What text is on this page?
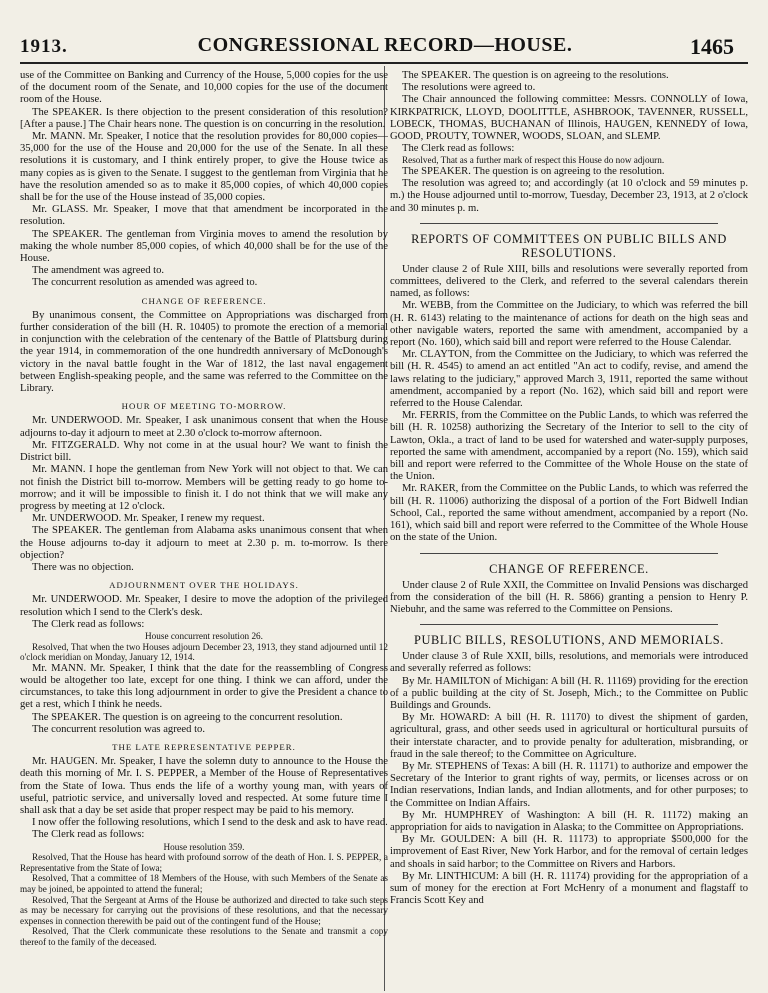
1913.	CONGRESSIONAL RECORD—HOUSE.	1465

use of the Committee on Banking and Currency of the House, 5,000 copies for the use of the document room of the Senate, and 10,000 copies for the use of the document room of the House.

The SPEAKER. Is there objection to the present consideration of this resolution? [After a pause.] The Chair hears none. The question is on concurring in the resolution.

Mr. MANN. Mr. Speaker, I notice that the resolution provides for 80,000 copies—35,000 for the use of the House and 20,000 for the use of the Senate. In all these resolutions it is customary, and I think entirely proper, to give the House twice as many copies as is given to the Senate. I suggest to the gentleman from Virginia that he have the resolution amended so as to make it 85,000 copies, of which 40,000 copies shall be for the use of the House instead of 35,000 copies.

Mr. GLASS. Mr. Speaker, I move that that amendment be incorporated in the resolution.

The SPEAKER. The gentleman from Virginia moves to amend the resolution by making the whole number 85,000 copies, of which 40,000 shall be for the use of the House.

The amendment was agreed to.

The concurrent resolution as amended was agreed to.

CHANGE OF REFERENCE.

By unanimous consent, the Committee on Appropriations was discharged from further consideration of the bill (H. R. 10405) to promote the erection of a memorial in conjunction with the celebration of the centenary of the Battle of Plattsburg during the year 1914, in commemoration of the one hundredth anniversary of McDonough's victory in the naval battle fought in the War of 1812, the last naval engagement between English-speaking people, and the same was referred to the Committee on the Library.

HOUR OF MEETING TO-MORROW.

Mr. UNDERWOOD. Mr. Speaker, I ask unanimous consent that when the House adjourns to-day it adjourn to meet at 2.30 o'clock to-morrow afternoon.

Mr. FITZGERALD. Why not come in at the usual hour? We want to finish the District bill.

Mr. MANN. I hope the gentleman from New York will not object to that. We can not finish the District bill to-morrow. Members will be getting ready to go home to-morrow; and it will be impossible to finish it. I do not think that we will make any progress by meeting at 12 o'clock.

Mr. UNDERWOOD. Mr. Speaker, I renew my request.

The SPEAKER. The gentleman from Alabama asks unanimous consent that when the House adjourns to-day it adjourn to meet at 2.30 p. m. to-morrow. Is there objection?

There was no objection.

ADJOURNMENT OVER THE HOLIDAYS.

Mr. UNDERWOOD. Mr. Speaker, I desire to move the adoption of the privileged resolution which I send to the Clerk's desk.

The Clerk read as follows:

House concurrent resolution 26.

Resolved, That when the two Houses adjourn December 23, 1913, they stand adjourned until 12 o'clock meridian on Monday, January 12, 1914.

Mr. MANN. Mr. Speaker, I think that the date for the reassembling of Congress would be altogether too late, except for one thing. I think we can afford, under the circumstances, to take this long adjournment in order to give the President a chance to get a rest, which I think he needs.

The SPEAKER. The question is on agreeing to the concurrent resolution.

The concurrent resolution was agreed to.

THE LATE REPRESENTATIVE PEPPER.

Mr. HAUGEN. Mr. Speaker, I have the solemn duty to announce to the House the death this morning of Mr. I. S. PEPPER, a Member of the House of Representatives from the State of Iowa. Thus ends the life of a worthy young man, with years of useful, patriotic service, and universally loved and respected. At some future time I shall ask that a day be set aside that proper respect may be paid to his memory.

I now offer the following resolutions, which I send to the desk and ask to have read.

The Clerk read as follows:

House resolution 359.

Resolved, That the House has heard with profound sorrow of the death of Hon. I. S. PEPPER, a Representative from the State of Iowa;

Resolved, That a committee of 18 Members of the House, with such Members of the Senate as may be joined, be appointed to attend the funeral;

Resolved, That the Sergeant at Arms of the House be authorized and directed to take such steps as may be necessary for carrying out the provisions of these resolutions, and that the necessary expenses in connection therewith be paid out of the contingent fund of the House;

Resolved, That the Clerk communicate these resolutions to the Senate and transmit a copy thereof to the family of the deceased.

The SPEAKER. The question is on agreeing to the resolutions.

The resolutions were agreed to.

The Chair announced the following committee: Messrs. CONNOLLY of Iowa, KIRKPATRICK, LLOYD, DOOLITTLE, ASHBROOK, TAVENNER, RUSSELL, LOBECK, THOMAS, BUCHANAN of Illinois, HAUGEN, KENNEDY of Iowa, GOOD, PROUTY, TOWNER, WOODS, SLOAN, and SLEMP.

The Clerk read as follows:

Resolved, That as a further mark of respect this House do now adjourn.

The SPEAKER. The question is on agreeing to the resolution.

The resolution was agreed to; and accordingly (at 10 o'clock and 59 minutes p. m.) the House adjourned until to-morrow, Tuesday, December 23, 1913, at 2 o'clock and 30 minutes p. m.

REPORTS OF COMMITTEES ON PUBLIC BILLS AND RESOLUTIONS.

Under clause 2 of Rule XIII, bills and resolutions were severally reported from committees, delivered to the Clerk, and referred to the several calendars therein named, as follows:

Mr. WEBB, from the Committee on the Judiciary, to which was referred the bill (H. R. 6143) relating to the maintenance of actions for death on the high seas and other navigable waters, reported the same with amendment, accompanied by a report (No. 160), which said bill and report were referred to the House Calendar.

Mr. CLAYTON, from the Committee on the Judiciary, to which was referred the bill (H. R. 4545) to amend an act entitled "An act to codify, revise, and amend the laws relating to the judiciary," approved March 3, 1911, reported the same without amendment, accompanied by a report (No. 162), which said bill and report were referred to the House Calendar.

Mr. FERRIS, from the Committee on the Public Lands, to which was referred the bill (H. R. 10258) authorizing the Secretary of the Interior to sell to the city of Lawton, Okla., a tract of land to be used for watershed and water-supply purposes, reported the same with amendment, accompanied by a report (No. 159), which said bill and report were referred to the Committee of the Whole House on the state of the Union.

Mr. RAKER, from the Committee on the Public Lands, to which was referred the bill (H. R. 11006) authorizing the disposal of a portion of the Fort Bidwell Indian School, Cal., reported the same without amendment, accompanied by a report (No. 161), which said bill and report were referred to the Committee of the Whole House on the state of the Union.

CHANGE OF REFERENCE.

Under clause 2 of Rule XXII, the Committee on Invalid Pensions was discharged from the consideration of the bill (H. R. 5866) granting a pension to Henry P. Niebuhr, and the same was referred to the Committee on Pensions.

PUBLIC BILLS, RESOLUTIONS, AND MEMORIALS.

Under clause 3 of Rule XXII, bills, resolutions, and memorials were introduced and severally referred as follows:

By Mr. HAMILTON of Michigan: A bill (H. R. 11169) providing for the erection of a public building at the city of St. Joseph, Mich.; to the Committee on Public Buildings and Grounds.

By Mr. HOWARD: A bill (H. R. 11170) to divest the shipment of garden, agricultural, grass, and other seeds used in agricultural or horticultural pursuits of their interstate character, and to provide penalty for adulteration, misbranding, or fraud in the sale thereof; to the Committee on Agriculture.

By Mr. STEPHENS of Texas: A bill (H. R. 11171) to authorize and empower the Secretary of the Interior to grant rights of way, permits, or licenses across or on Indian reservations, Indian lands, and Indian allotments, and for other purposes; to the Committee on Indian Affairs.

By Mr. HUMPHREY of Washington: A bill (H. R. 11172) making an appropriation for aids to navigation in Alaska; to the Committee on Appropriations.

By Mr. GOULDEN: A bill (H. R. 11173) to appropriate $500,000 for the improvement of East River, New York Harbor, and for the removal of certain ledges and shoals in said harbor; to the Committee on Rivers and Harbors.

By Mr. LINTHICUM: A bill (H. R. 11174) providing for the appropriation of a sum of money for the erection at Fort McHenry of a monument and flagstaff to Francis Scott Key and
